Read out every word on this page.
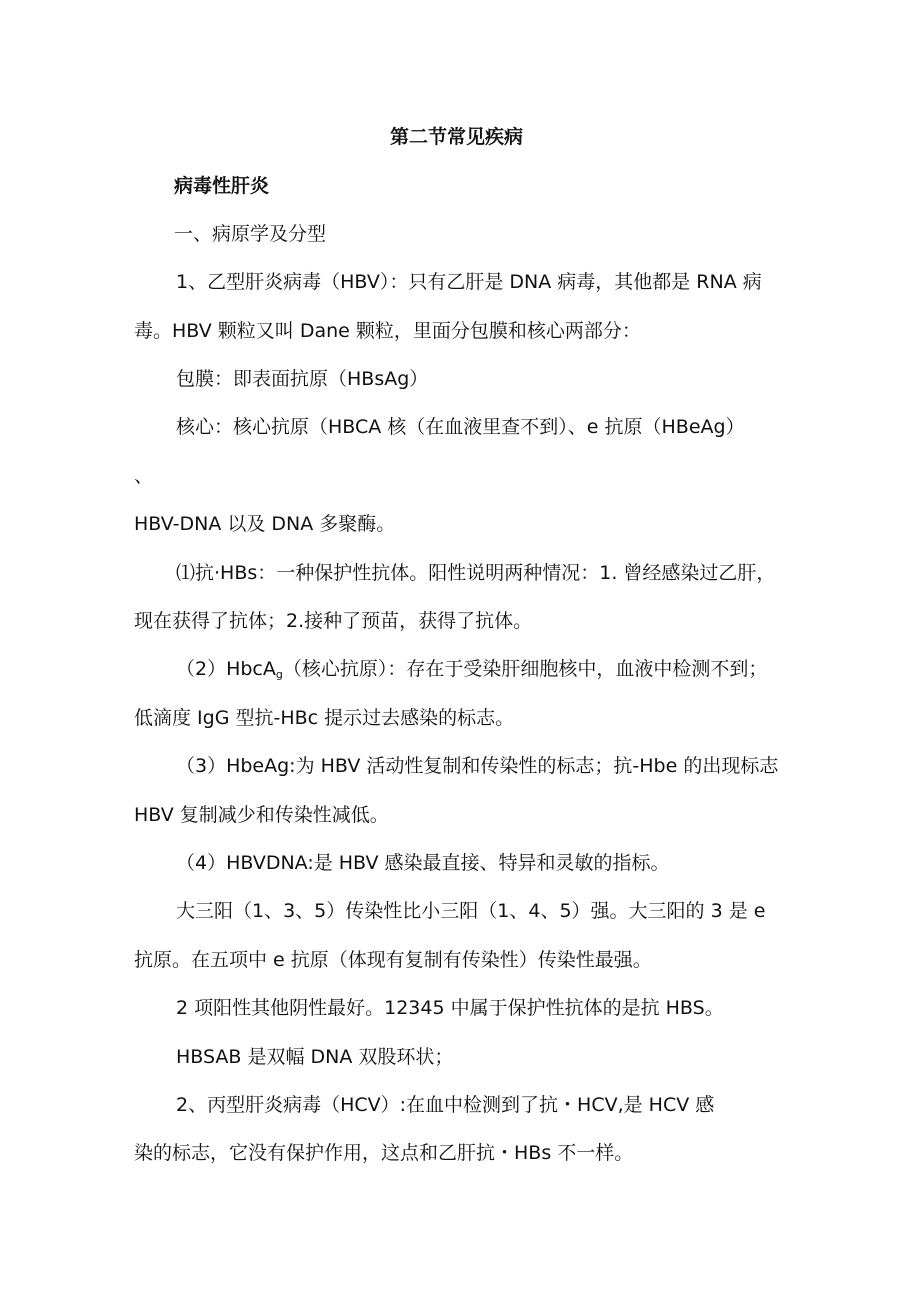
第二节常见疾病
病毒性肝炎
一、病原学及分型
1、乙型肝炎病毒（HBV）：只有乙肝是 DNA 病毒，其他都是 RNA 病
毒。HBV 颗粒又叫 Dane 颗粒，里面分包膜和核心两部分：
包膜：即表面抗原（HBsAg）
核心：核心抗原（HBCA 核（在血液里查不到）、e 抗原（HBeAg）
、
HBV-DNA 以及 DNA 多聚酶。
⑴抗·HBs：一种保护性抗体。阳性说明两种情况：1. 曾经感染过乙肝，
现在获得了抗体；2.接种了预苗，获得了抗体。
（2）HbcA$_g$（核心抗原）：存在于受染肝细胞核中，血液中检测不到；
低滴度 IgG 型抗-HBc 提示过去感染的标志。
（3）HbeAg:为 HBV 活动性复制和传染性的标志；抗-Hbe 的出现标志
HBV 复制减少和传染性减低。
（4）HBVDNA:是 HBV 感染最直接、特异和灵敏的指标。
大三阳（1、3、5）传染性比小三阳（1、4、5）强。大三阳的 3 是 e
抗原。在五项中 e 抗原（体现有复制有传染性）传染性最强。
2 项阳性其他阴性最好。12345 中属于保护性抗体的是抗 HBS。
HBSAB 是双幅 DNA 双股环状；
2、丙型肝炎病毒（HCV）:在血中检测到了抗・HCV,是 HCV 感
染的标志，它没有保护作用，这点和乙肝抗・HBs 不一样。
